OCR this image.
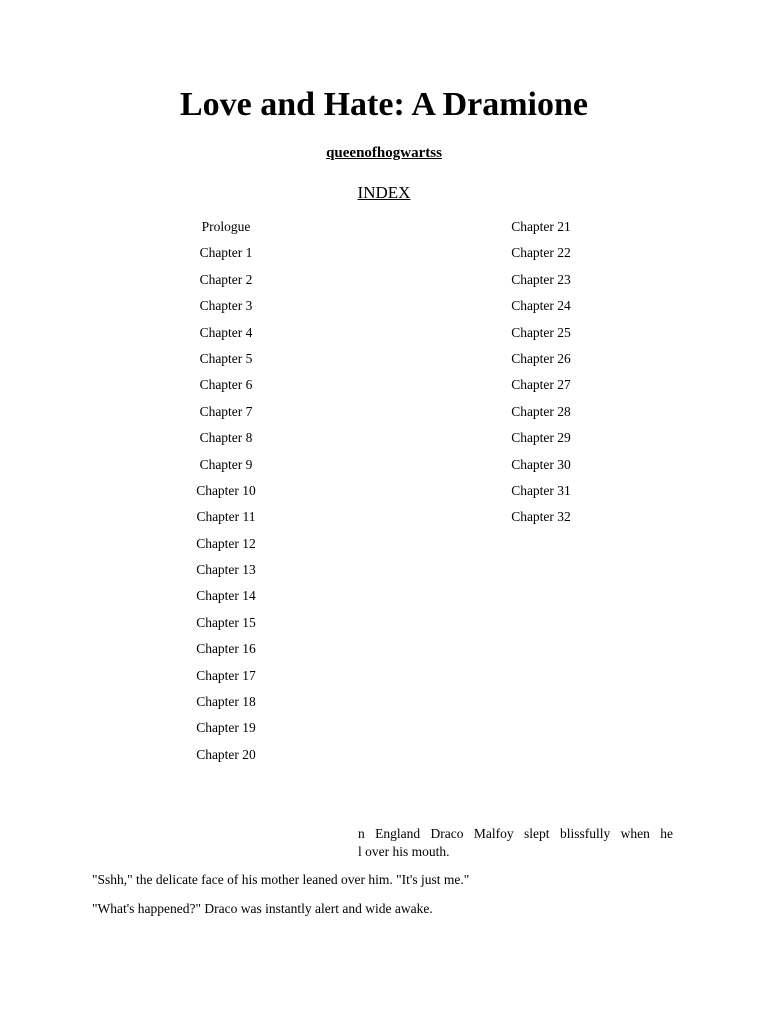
Love and Hate: A Dramione
queenofhogwartss
INDEX
Prologue
Chapter 1
Chapter 2
Chapter 3
Chapter 4
Chapter 5
Chapter 6
Chapter 7
Chapter 8
Chapter 9
Chapter 10
Chapter 11
Chapter 12
Chapter 13
Chapter 14
Chapter 15
Chapter 16
Chapter 17
Chapter 18
Chapter 19
Chapter 20
Chapter 21
Chapter 22
Chapter 23
Chapter 24
Chapter 25
Chapter 26
Chapter 27
Chapter 28
Chapter 29
Chapter 30
Chapter 31
Chapter 32

n England Draco Malfoy slept blissfully when he

l over his mouth.

"Sshh," the delicate face of his mother leaned over him. "It's just me."

"What's happened?" Draco was instantly alert and wide awake.
